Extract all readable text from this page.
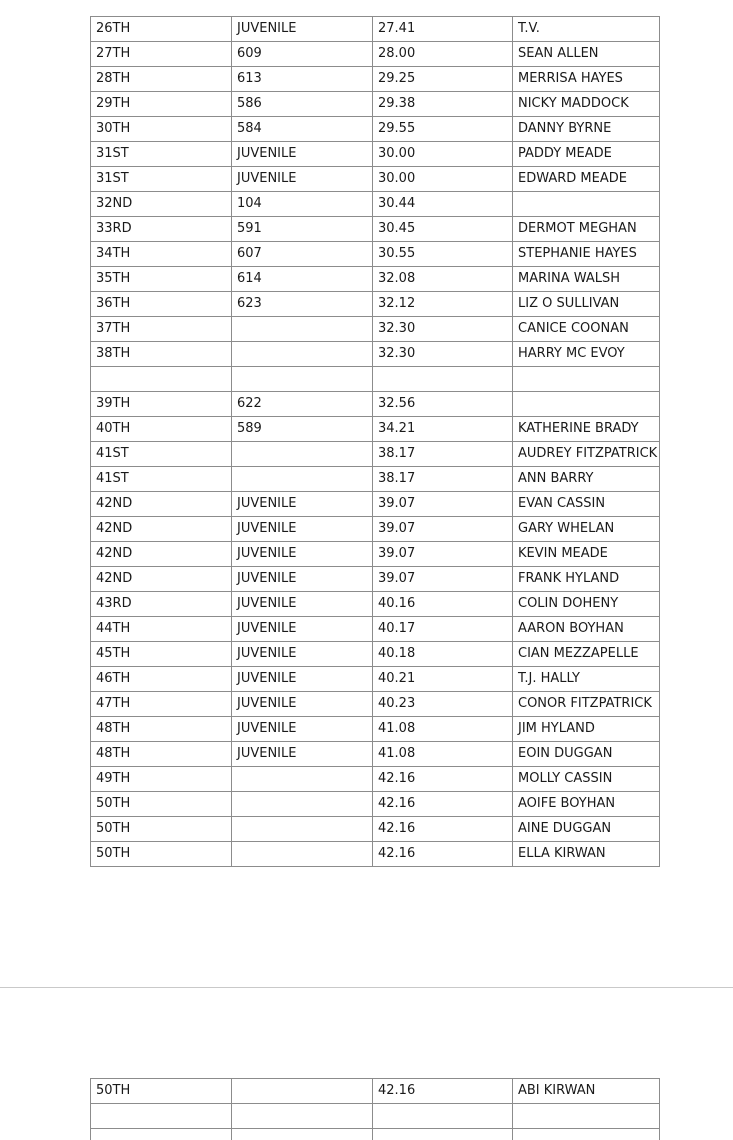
26TH	JUVENILE	27.41	T.V.
27TH	609	28.00	SEAN ALLEN
28TH	613	29.25	MERRISA HAYES
29TH	586	29.38	NICKY MADDOCK
30TH	584	29.55	DANNY BYRNE
31ST	JUVENILE	30.00	PADDY MEADE
31ST	JUVENILE	30.00	EDWARD MEADE
32ND	104	30.44	
33RD	591	30.45	DERMOT MEGHAN
34TH	607	30.55	STEPHANIE HAYES
35TH	614	32.08	MARINA WALSH
36TH	623	32.12	LIZ O SULLIVAN
37TH		32.30	CANICE COONAN
38TH		32.30	HARRY MC EVOY

39TH	622	32.56	
40TH	589	34.21	KATHERINE BRADY
41ST		38.17	AUDREY FITZPATRICK
41ST		38.17	ANN BARRY
42ND	JUVENILE	39.07	EVAN CASSIN
42ND	JUVENILE	39.07	GARY WHELAN
42ND	JUVENILE	39.07	KEVIN MEADE
42ND	JUVENILE	39.07	FRANK HYLAND
43RD	JUVENILE	40.16	COLIN DOHENY
44TH	JUVENILE	40.17	AARON BOYHAN
45TH	JUVENILE	40.18	CIAN MEZZAPELLE
46TH	JUVENILE	40.21	T.J. HALLY
47TH	JUVENILE	40.23	CONOR FITZPATRICK
48TH	JUVENILE	41.08	JIM HYLAND
48TH	JUVENILE	41.08	EOIN DUGGAN
49TH		42.16	MOLLY CASSIN
50TH		42.16	AOIFE BOYHAN
50TH		42.16	AINE DUGGAN
50TH		42.16	ELLA KIRWAN
50TH		42.16	ABI KIRWAN
